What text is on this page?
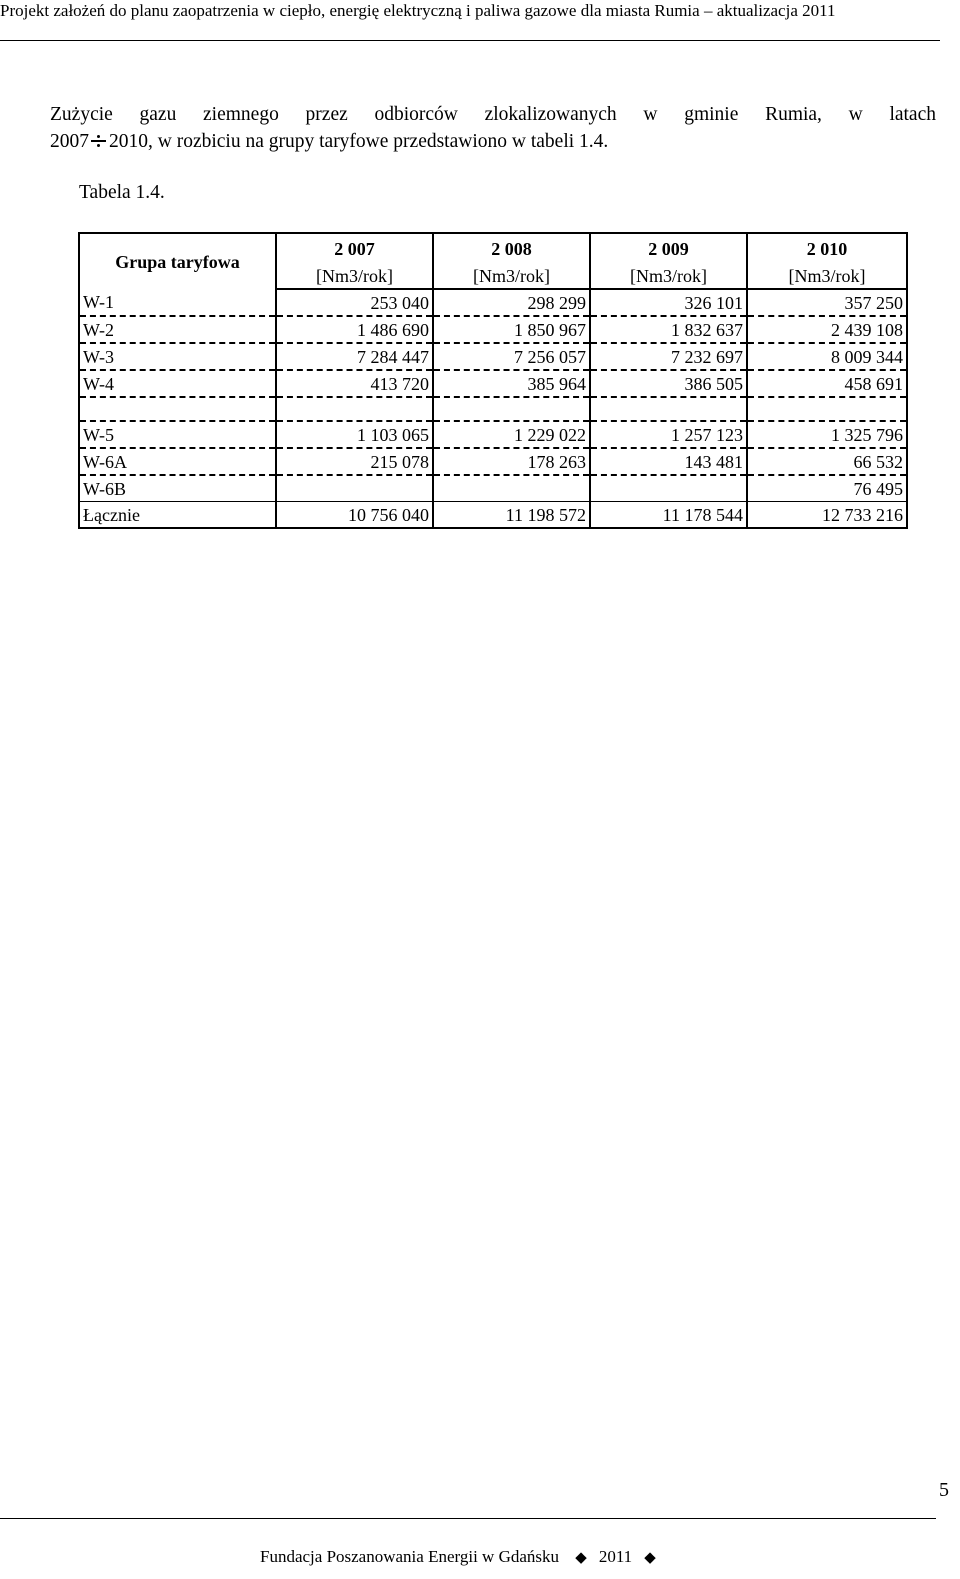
Projekt założeń do planu zaopatrzenia w ciepło, energię elektryczną i paliwa gazowe dla miasta Rumia – aktualizacja 2011
Zużycie gazu ziemnego przez odbiorców zlokalizowanych w gminie Rumia, w latach
2007 2010, w rozbiciu na grupy taryfowe przedstawiono w tabeli 1.4.
Tabela 1.4.
Grupa taryfowa	2 007	2 008	2 009	2 010
	[Nm3/rok]	[Nm3/rok]	[Nm3/rok]	[Nm3/rok]
W-1	253 040	298 299	326 101	357 250
W-2	1 486 690	1 850 967	1 832 637	2 439 108
W-3	7 284 447	7 256 057	7 232 697	8 009 344
W-4	413 720	385 964	386 505	458 691

W-5	1 103 065	1 229 022	1 257 123	1 325 796
W-6A	215 078	178 263	143 481	66 532
W-6B				76 495
Łącznie	10 756 040	11 198 572	11 178 544	12 733 216
5
Fundacja Poszanowania Energii w Gdańsku ◆ 2011 ◆
